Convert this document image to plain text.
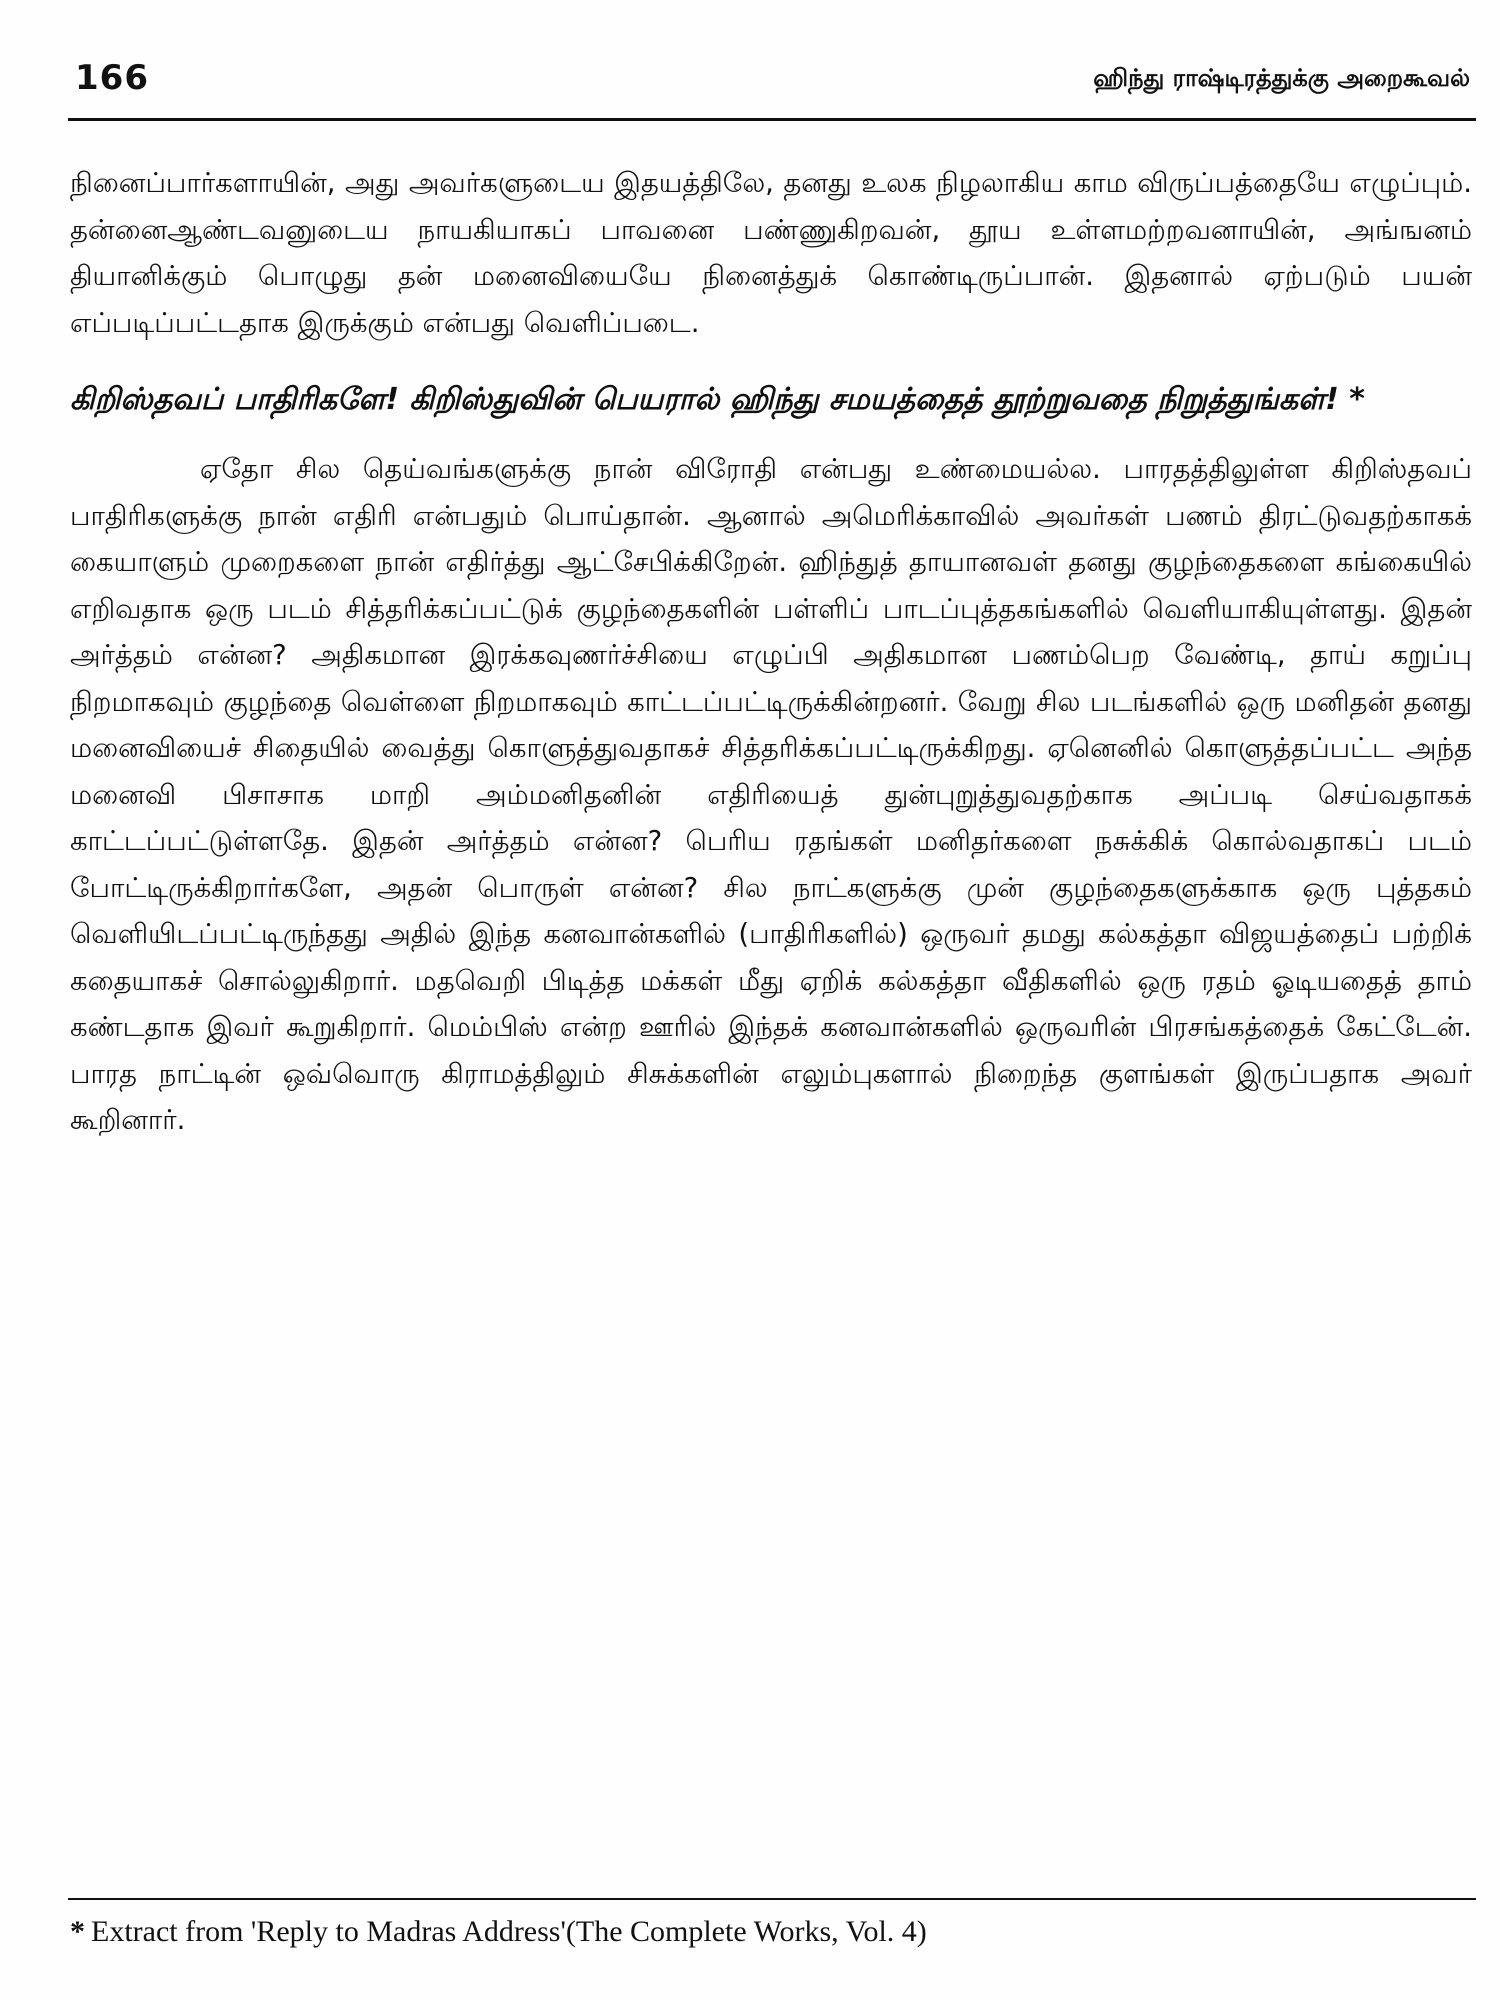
166	ஹிந்து ராஷ்டிரத்துக்கு அறைகூவல்

நினைப்பார்களாயின், அது அவர்களுடைய இதயத்திலே, தனது உலக நிழலாகிய காம விருப்பத்தையே எழுப்பும். தன்னைஆண்டவனுடைய நாயகியாகப் பாவனை பண்ணுகிறவன், தூய உள்ளமற்றவனாயின், அங்ஙனம் தியானிக்கும் பொழுது தன் மனைவியையே நினைத்துக் கொண்டிருப்பான். இதனால் ஏற்படும் பயன் எப்படிப்பட்டதாக இருக்கும் என்பது வெளிப்படை.

கிறிஸ்தவப் பாதிரிகளே! கிறிஸ்துவின் பெயரால் ஹிந்து சமயத்தைத் தூற்றுவதை நிறுத்துங்கள்! *

ஏதோ சில தெய்வங்களுக்கு நான் விரோதி என்பது உண்மையல்ல. பாரதத்திலுள்ள கிறிஸ்தவப் பாதிரிகளுக்கு நான் எதிரி என்பதும் பொய்தான். ஆனால் அமெரிக்காவில் அவர்கள் பணம் திரட்டுவதற்காகக் கையாளும் முறைகளை நான் எதிர்த்து ஆட்சேபிக்கிறேன். ஹிந்துத் தாயானவள் தனது குழந்தைகளை கங்கையில் எறிவதாக ஒரு படம் சித்தரிக்கப்பட்டுக் குழந்தைகளின் பள்ளிப் பாடப்புத்தகங்களில் வெளியாகியுள்ளது. இதன் அர்த்தம் என்ன? அதிகமான இரக்கவுணர்ச்சியை எழுப்பி அதிகமான பணம்பெற வேண்டி, தாய் கறுப்பு நிறமாகவும் குழந்தை வெள்ளை நிறமாகவும் காட்டப்பட்டிருக்கின்றனர். வேறு சில படங்களில் ஒரு மனிதன் தனது மனைவியைச் சிதையில் வைத்து கொளுத்துவதாகச் சித்தரிக்கப்பட்டிருக்கிறது. ஏனெனில் கொளுத்தப்பட்ட அந்த மனைவி பிசாசாக மாறி அம்மனிதனின் எதிரியைத் துன்புறுத்துவதற்காக அப்படி செய்வதாகக் காட்டப்பட்டுள்ளதே. இதன் அர்த்தம் என்ன? பெரிய ரதங்கள் மனிதர்களை நசுக்கிக் கொல்வதாகப் படம் போட்டிருக்கிறார்களே, அதன் பொருள் என்ன? சில நாட்களுக்கு முன் குழந்தைகளுக்காக ஒரு புத்தகம் வெளியிடப்பட்டிருந்தது அதில் இந்த கனவான்களில் (பாதிரிகளில்) ஒருவர் தமது கல்கத்தா விஜயத்தைப் பற்றிக் கதையாகச் சொல்லுகிறார். மதவெறி பிடித்த மக்கள் மீது ஏறிக் கல்கத்தா வீதிகளில் ஒரு ரதம் ஓடியதைத் தாம் கண்டதாக இவர் கூறுகிறார். மெம்பிஸ் என்ற ஊரில் இந்தக் கனவான்களில் ஒருவரின் பிரசங்கத்தைக் கேட்டேன். பாரத நாட்டின் ஒவ்வொரு கிராமத்திலும் சிசுக்களின் எலும்புகளால் நிறைந்த குளங்கள் இருப்பதாக அவர் கூறினார்.

* Extract from 'Reply to Madras Address'(The Complete Works, Vol. 4)
